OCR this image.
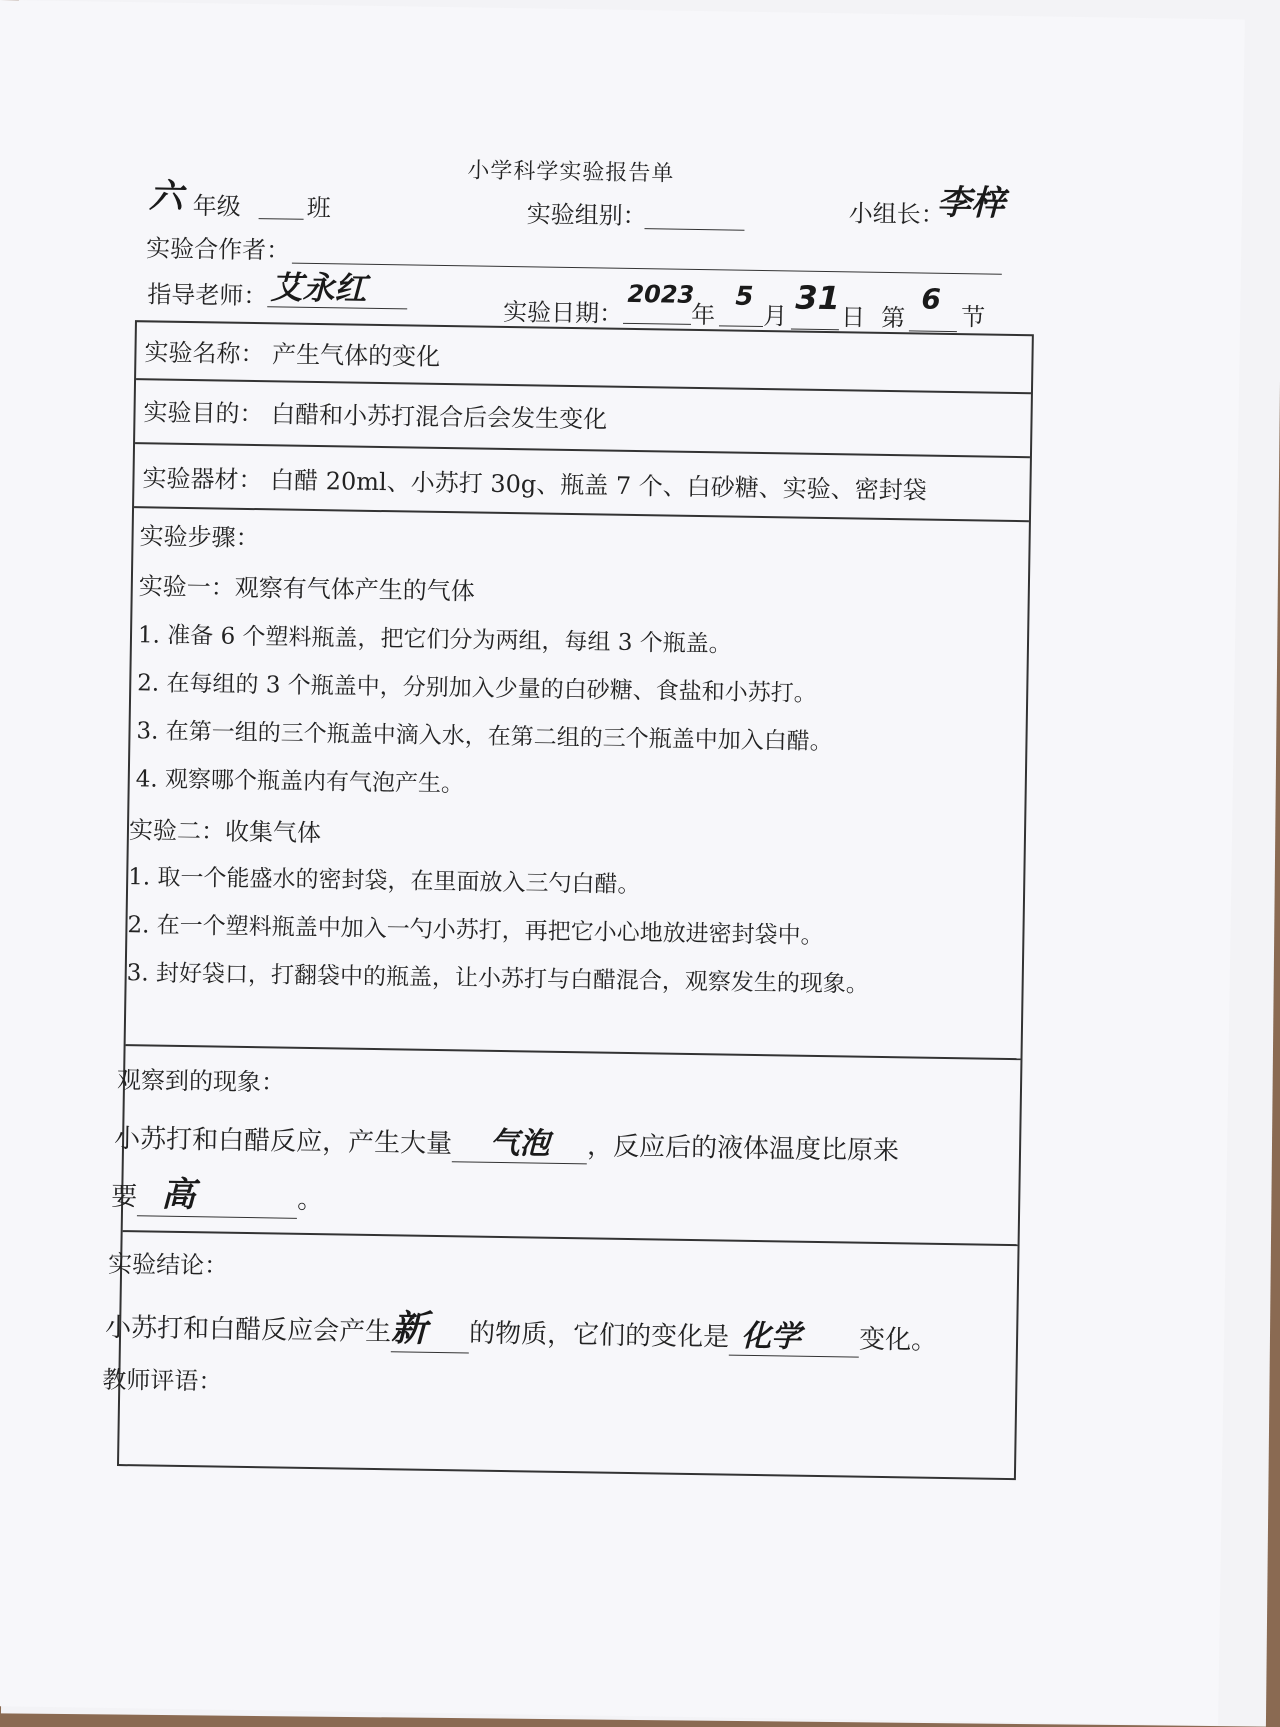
小学科学实验报告单
六 年级	班	实验组别：	小组长：
李梓
实验合作者：
指导老师： 艾永红
实验日期：
2023
年
5
月 31
日 第
6
节
实验名称： 产生气体的变化
实验目的： 白醋和小苏打混合后会发生变化
实验器材： 白醋 20ml、小苏打 30g、瓶盖 7 个、白砂糖、实验、密封袋
实验步骤：
实验一：观察有气体产生的气体
1. 准备 6 个塑料瓶盖，把它们分为两组，每组 3 个瓶盖。
2. 在每组的 3 个瓶盖中，分别加入少量的白砂糖、食盐和小苏打。
3. 在第一组的三个瓶盖中滴入水，在第二组的三个瓶盖中加入白醋。
4. 观察哪个瓶盖内有气泡产生。
实验二：收集气体
1. 取一个能盛水的密封袋，在里面放入三勺白醋。
2. 在一个塑料瓶盖中加入一勺小苏打，再把它小心地放进密封袋中。
3. 封好袋口，打翻袋中的瓶盖，让小苏打与白醋混合，观察发生的现象。
观察到的现象：
小苏打和白醋反应，产生大量 气泡 ，反应后的液体温度比原来
要 高	。
实验结论：
小苏打和白醋反应会产生新 的物质，它们的变化是 化学 变化。
教师评语：
